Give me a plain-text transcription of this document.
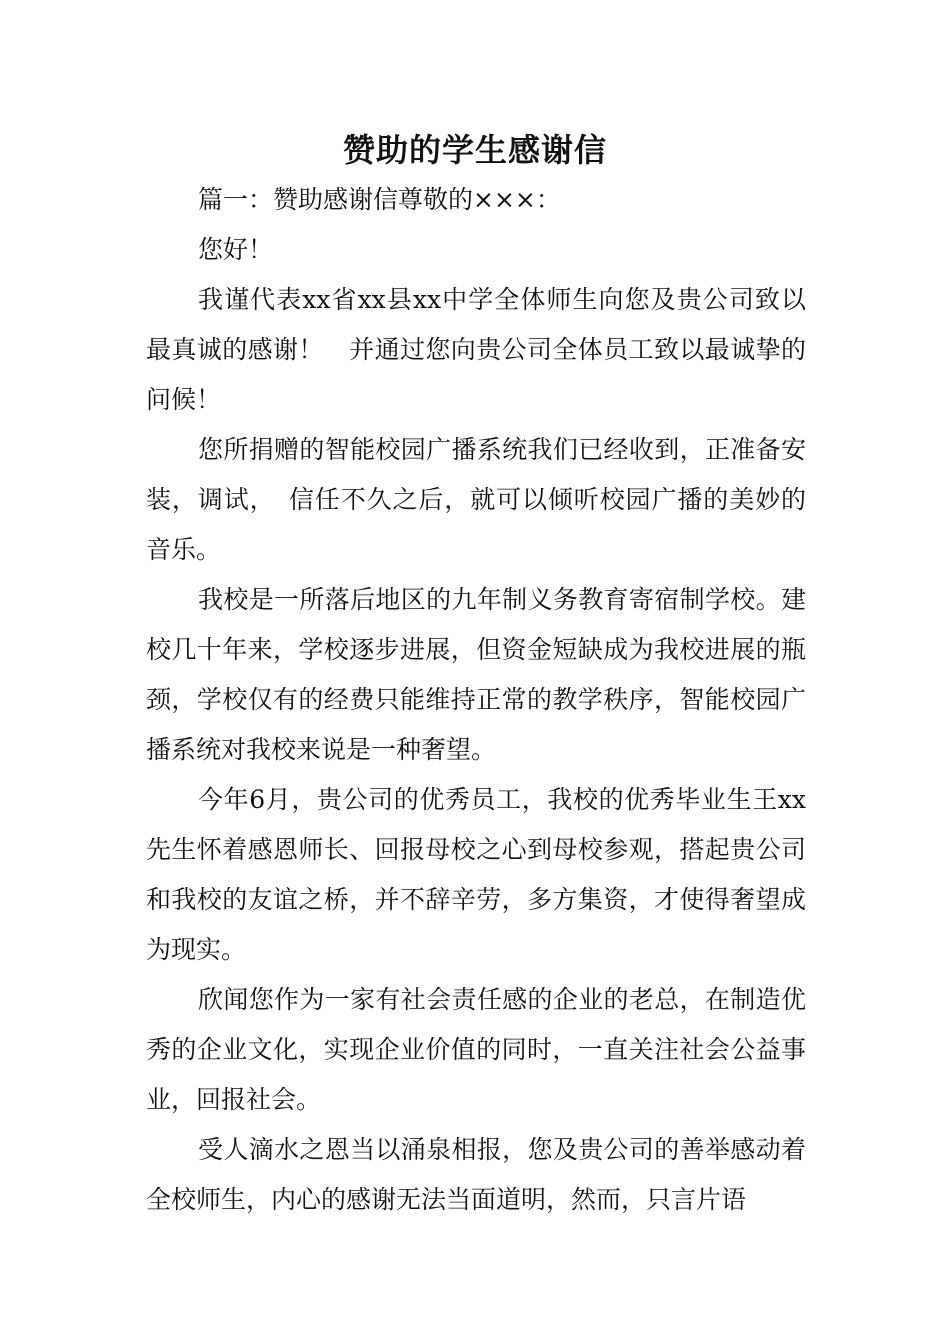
赞助的学生感谢信

篇一：赞助感谢信尊敬的×××：

您好！

我谨代表xx省xx县xx中学全体师生向您及贵公司致以最真诚的感谢！　并通过您向贵公司全体员工致以最诚挚的问候！

您所捐赠的智能校园广播系统我们已经收到，正准备安装，调试，　信任不久之后，就可以倾听校园广播的美妙的音乐。

我校是一所落后地区的九年制义务教育寄宿制学校。建校几十年来，学校逐步进展，但资金短缺成为我校进展的瓶颈，学校仅有的经费只能维持正常的教学秩序，智能校园广播系统对我校来说是一种奢望。

今年6月，贵公司的优秀员工，我校的优秀毕业生王xx先生怀着感恩师长、回报母校之心到母校参观，搭起贵公司和我校的友谊之桥，并不辞辛劳，多方集资，才使得奢望成为现实。

欣闻您作为一家有社会责任感的企业的老总，在制造优秀的企业文化，实现企业价值的同时，一直关注社会公益事业，回报社会。

受人滴水之恩当以涌泉相报，您及贵公司的善举感动着全校师生，内心的感谢无法当面道明，然而，只言片语
